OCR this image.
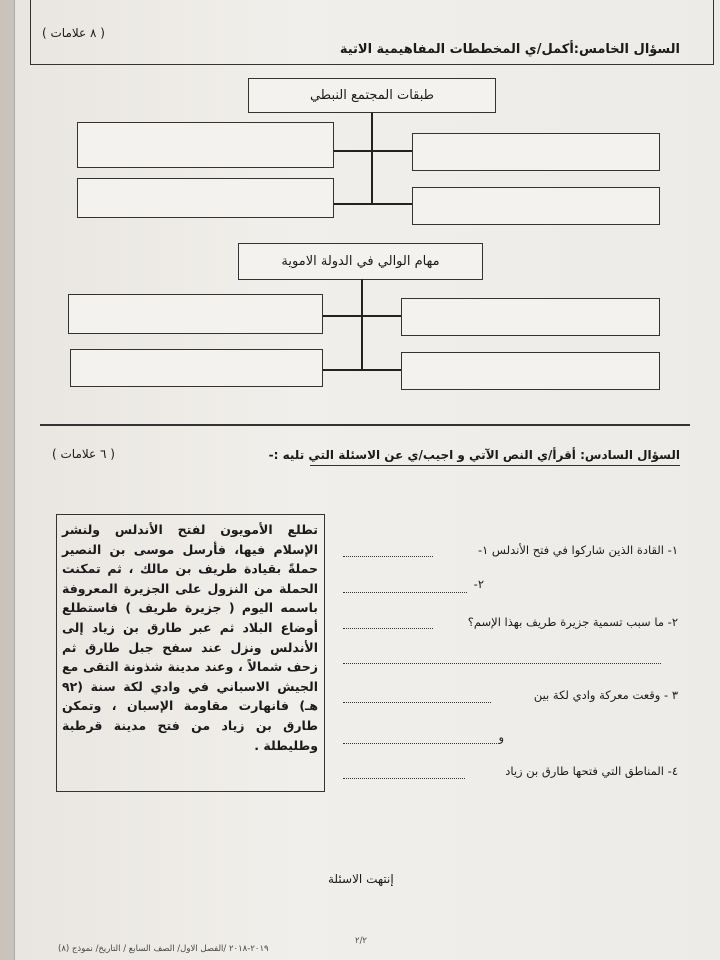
( ٨ علامات )
السؤال الخامس:أكمل/ي المخططات المفاهيمية الاتية
طبقات المجتمع النبطي
مهام الوالي في الدولة الاموية
( ٦ علامات )	السؤال السادس: أقرأ/ي النص الآتي و اجيب/ي عن الاسئلة التي تليه :-
تطلع الأمويون لفتح الأندلس ولنشر الإسلام فيها، فأرسل موسى بن النصير حملةً بقيادة طريف بن مالك ، ثم تمكنت الحملة من النزول على الجزيرة المعروفة باسمه اليوم ( جزيرة طريف ) فاستطلع أوضاع البلاد ثم عبر طارق بن زياد إلى الأندلس ونزل عند سفح جبل طارق ثم زحف شمالاً ، وعند مدينة شذونة التقى مع الجيش الاسباني في وادي لكة سنة (٩٢ هـ) فانهارت مقاومة الإسبان ، وتمكن طارق بن زياد من فتح مدينة قرطبة وطليطلة .
١- القادة الذين شاركوا في فتح الأندلس ١-
٢-
٢- ما سبب تسمية جزيرة طريف بهذا الإسم؟
٣ - وقعت معركة وادي لكة بين
و
٤- المناطق التي فتحها طارق بن زياد
إنتهت الاسئلة
٢/٢
٢٠١٩-٢٠١٨ /الفصل الاول/ الصف السابع / التاريخ/ نموذج (٨)
